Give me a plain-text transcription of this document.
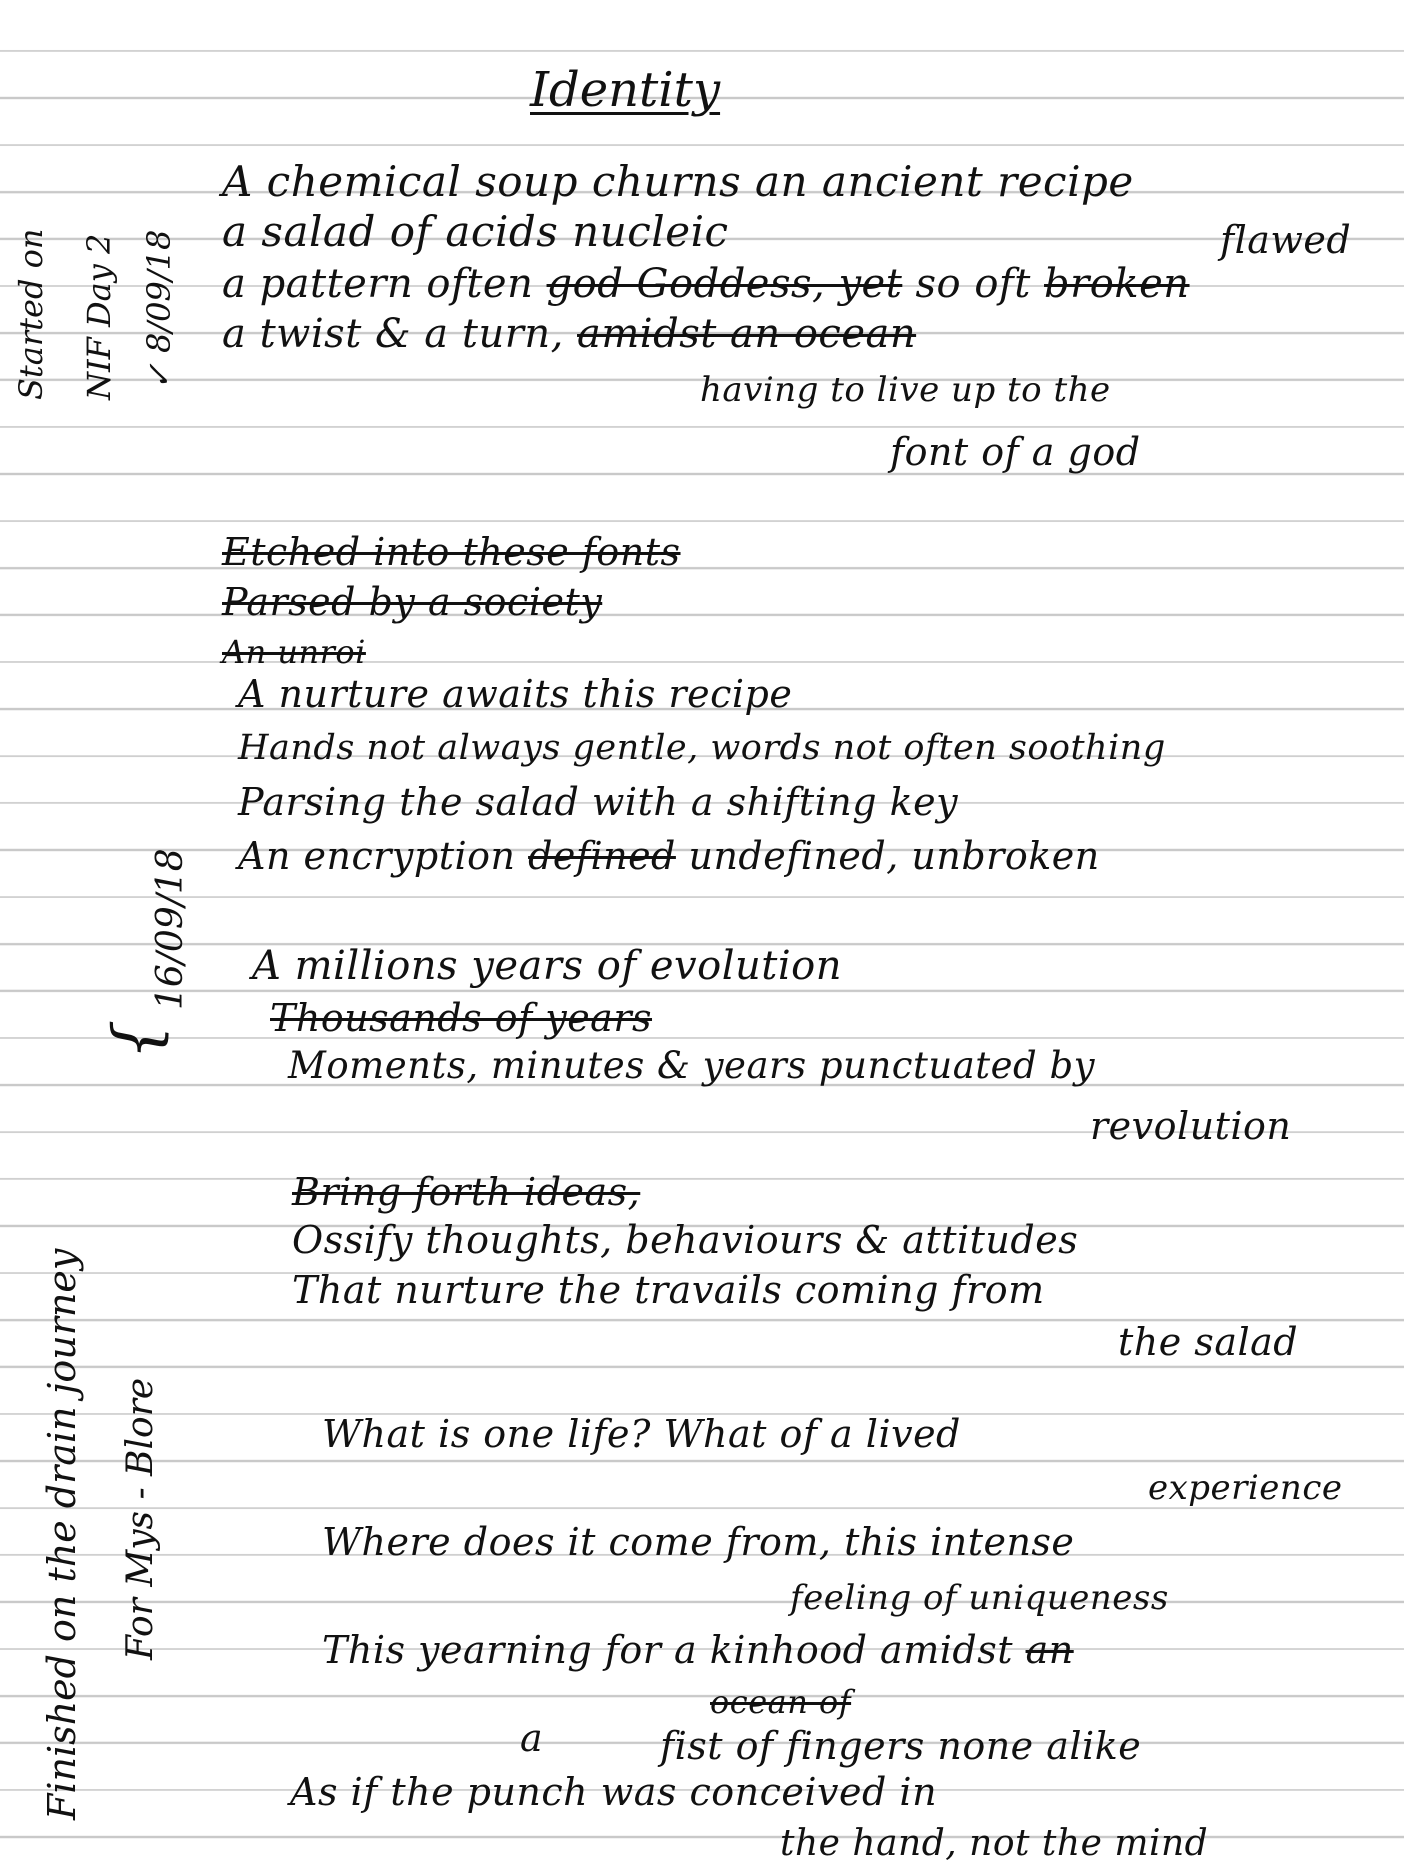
Identity
Started on NIF Day 2 ✓ 8/09/18
16/09/18
{
Finished on the drain journey For Mys - Blore
A chemical soup churns an ancient recipe
a salad of acids nucleic	flawed
a pattern often god Goddess, yet so oft broken
a twist & a turn, amidst an ocean
having to live up to the
font of a god
Etched into these fonts
Parsed by a society
An unroi
A nurture awaits this recipe
Hands not always gentle, words not often soothing
Parsing the salad with a shifting key
An encryption defined undefined, unbroken
A millions years of evolution
Thousands of years
Moments, minutes & years punctuated by
revolution
Bring forth ideas,
Ossify thoughts, behaviours & attitudes
That nurture the travails coming from
the salad
What is one life? What of a lived
experience
Where does it come from, this intense
feeling of uniqueness
This yearning for a kinhood amidst an
ocean of
a	fist of fingers none alike
As if the punch was conceived in
the hand, not the mind
